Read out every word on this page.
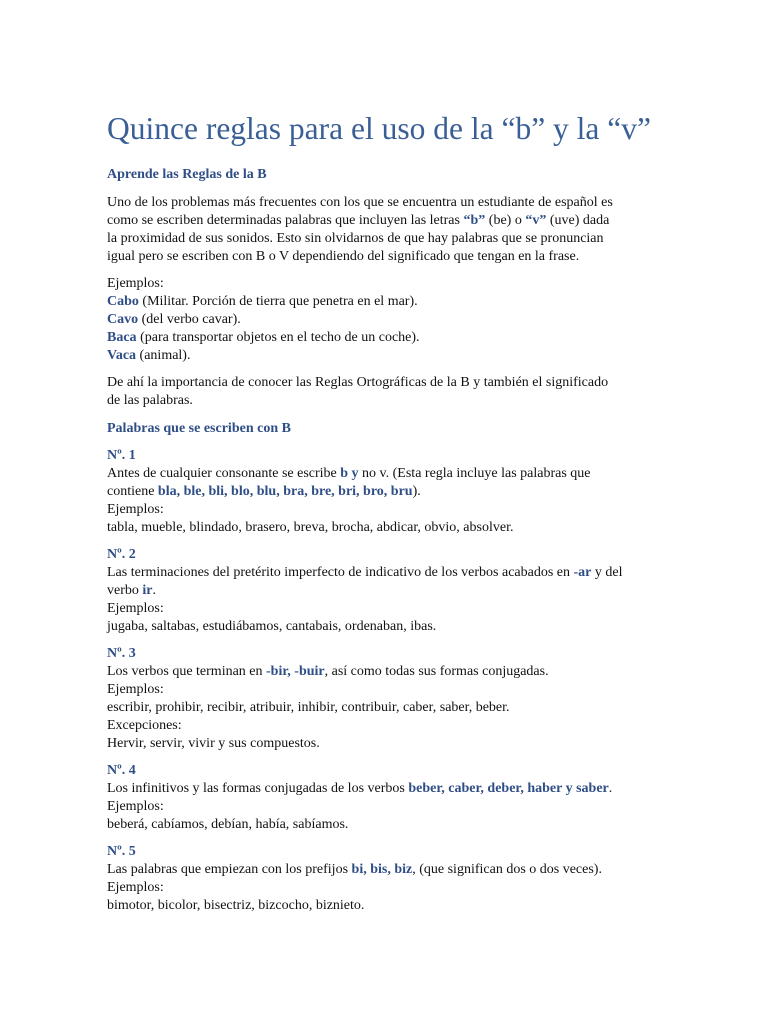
Quince reglas para el uso de la “b” y la “v”
Aprende las Reglas de la B
Uno de los problemas más frecuentes con los que se encuentra un estudiante de español es
como se escriben determinadas palabras que incluyen las letras “b” (be) o “v” (uve) dada
la proximidad de sus sonidos. Esto sin olvidarnos de que hay palabras que se pronuncian
igual pero se escriben con B o V dependiendo del significado que tengan en la frase.
Ejemplos:
Cabo (Militar. Porción de tierra que penetra en el mar).
Cavo (del verbo cavar).
Baca (para transportar objetos en el techo de un coche).
Vaca (animal).
De ahí la importancia de conocer las Reglas Ortográficas de la B y también el significado
de las palabras.
Palabras que se escriben con B
Nº. 1
Antes de cualquier consonante se escribe b y no v. (Esta regla incluye las palabras que
contiene bla, ble, bli, blo, blu, bra, bre, bri, bro, bru).
Ejemplos:
tabla, mueble, blindado, brasero, breva, brocha, abdicar, obvio, absolver.
Nº. 2
Las terminaciones del pretérito imperfecto de indicativo de los verbos acabados en -ar y del
verbo ir.
Ejemplos:
jugaba, saltabas, estudiábamos, cantabais, ordenaban, ibas.
Nº. 3
Los verbos que terminan en -bir, -buir, así como todas sus formas conjugadas.
Ejemplos:
escribir, prohibir, recibir, atribuir, inhibir, contribuir, caber, saber, beber.
Excepciones:
Hervir, servir, vivir y sus compuestos.
Nº. 4
Los infinitivos y las formas conjugadas de los verbos beber, caber, deber, haber y saber.
Ejemplos:
beberá, cabíamos, debían, había, sabíamos.
Nº. 5
Las palabras que empiezan con los prefijos bi, bis, biz, (que significan dos o dos veces).
Ejemplos:
bimotor, bicolor, bisectriz, bizcocho, biznieto.
